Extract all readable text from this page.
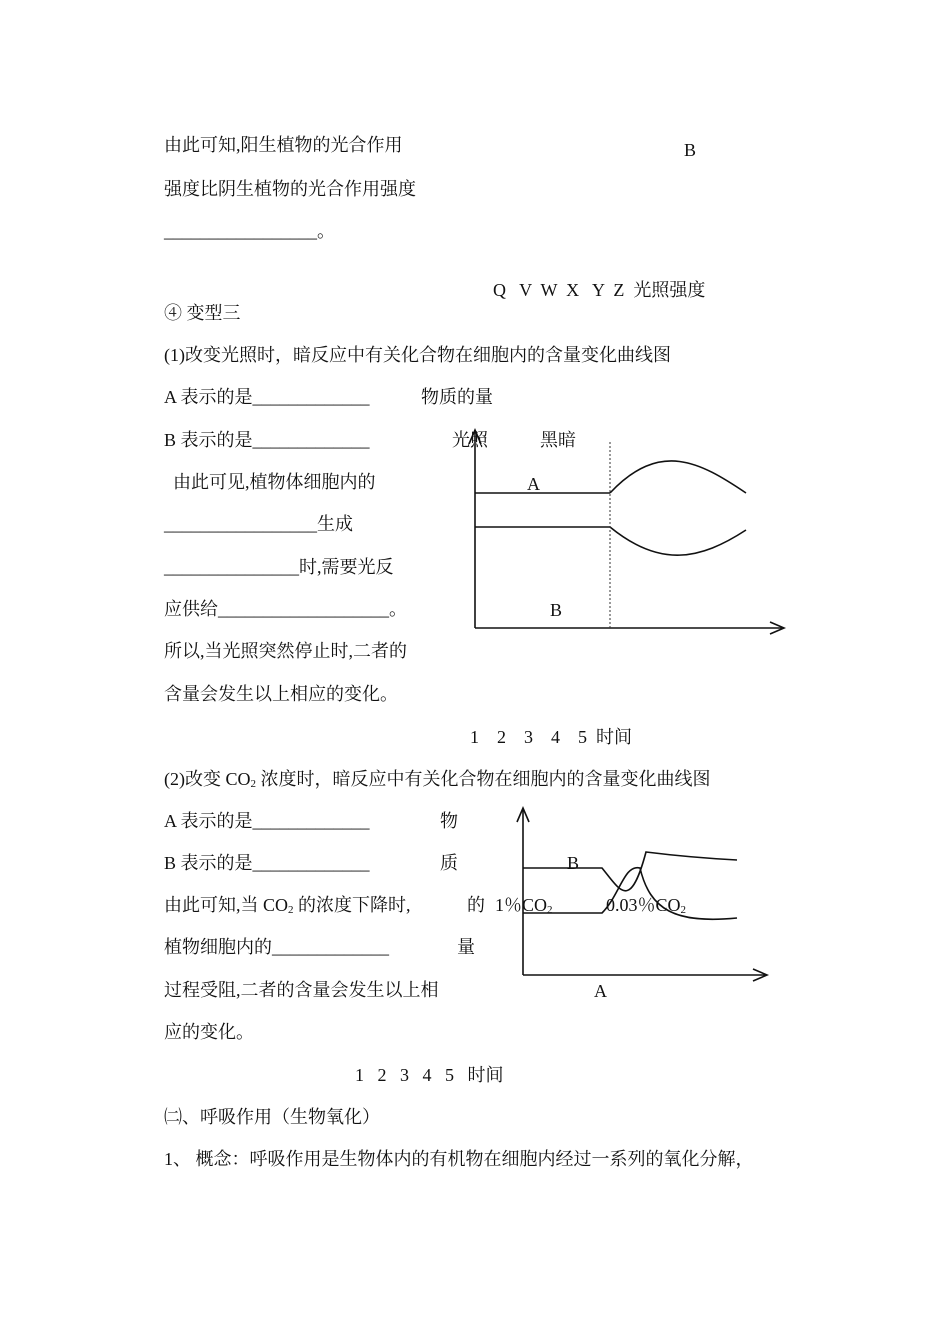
由此可知,阳生植物的光合作用	B
强度比阴生植物的光合作用强度
_________________。
Q   V  W  X   Y  Z  光照强度
④ 变型三
(1)改变光照时，暗反应中有关化合物在细胞内的含量变化曲线图
A 表示的是_____________	物质的量
B 表示的是_____________	光照	黑暗
由此可见,植物体细胞内的
_________________生成
_______________时,需要光反
应供给___________________。
所以,当光照突然停止时,二者的
含量会发生以上相应的变化。
A
B
1    2    3    4    5  时间
(2)改变 $CO_2$ 浓度时，暗反应中有关化合物在细胞内的含量变化曲线图
A 表示的是_____________	物
B 表示的是_____________	质
由此可知,当 $CO_2$ 的浓度下降时,	的 1％$CO_2$	0.03％$CO_2$
植物细胞内的_____________	量
过程受阻,二者的含量会发生以上相
应的变化。
B
A
1   2   3   4   5   时间
㈡、呼吸作用（生物氧化）
1、 概念：呼吸作用是生物体内的有机物在细胞内经过一系列的氧化分解，
